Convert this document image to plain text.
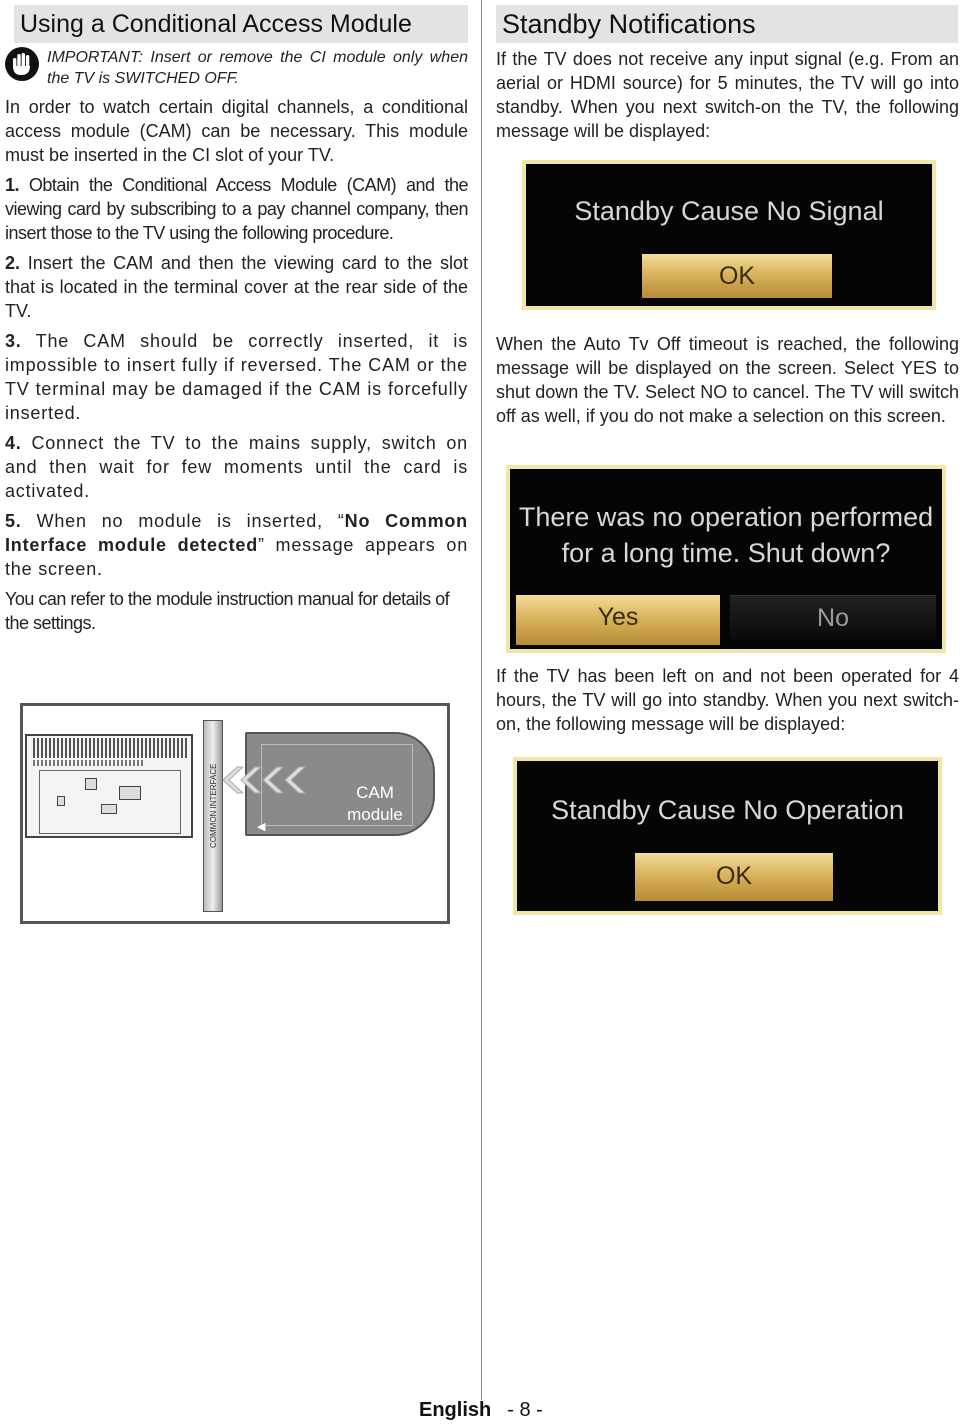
Using a Conditional Access Module
IMPORTANT: Insert or remove the CI module only when the TV is SWITCHED OFF.

In order to watch certain digital channels, a conditional access module (CAM) can be necessary. This module must be inserted in the CI slot of your TV.

1. Obtain the Conditional Access Module (CAM) and the viewing card by subscribing to a pay channel company, then insert those to the TV using the following procedure.

2. Insert the CAM and then the viewing card to the slot that is located in the terminal cover at the rear side of the TV.

3. The CAM should be correctly inserted, it is impossible to insert fully if reversed. The CAM or the TV terminal may be damaged if the CAM is forcefully inserted.

4. Connect the TV to the mains supply, switch on and then wait for few moments until the card is activated.

5. When no module is inserted, “No Common Interface module detected” message appears on the screen.

You can refer to the module instruction manual for details of the settings.

COMMON INTERFACE	◀
CAM module
Standby Notifications

If the TV does not receive any input signal (e.g. From an aerial or HDMI source) for 5 minutes, the TV will go into standby. When you next switch-on the TV, the following message will be displayed:

Standby Cause No Signal
OK

When the Auto Tv Off timeout is reached, the following message will be displayed on the screen. Select YES to shut down the TV. Select NO to cancel. The TV will switch off as well, if you do not make a selection on this screen.

There was no operation performed
for a long time. Shut down?
Yes	No

If the TV has been left on and not been operated for 4 hours, the TV will go into standby. When you next switch-on, the following message will be displayed:

Standby Cause No Operation
OK
English - 8 -
